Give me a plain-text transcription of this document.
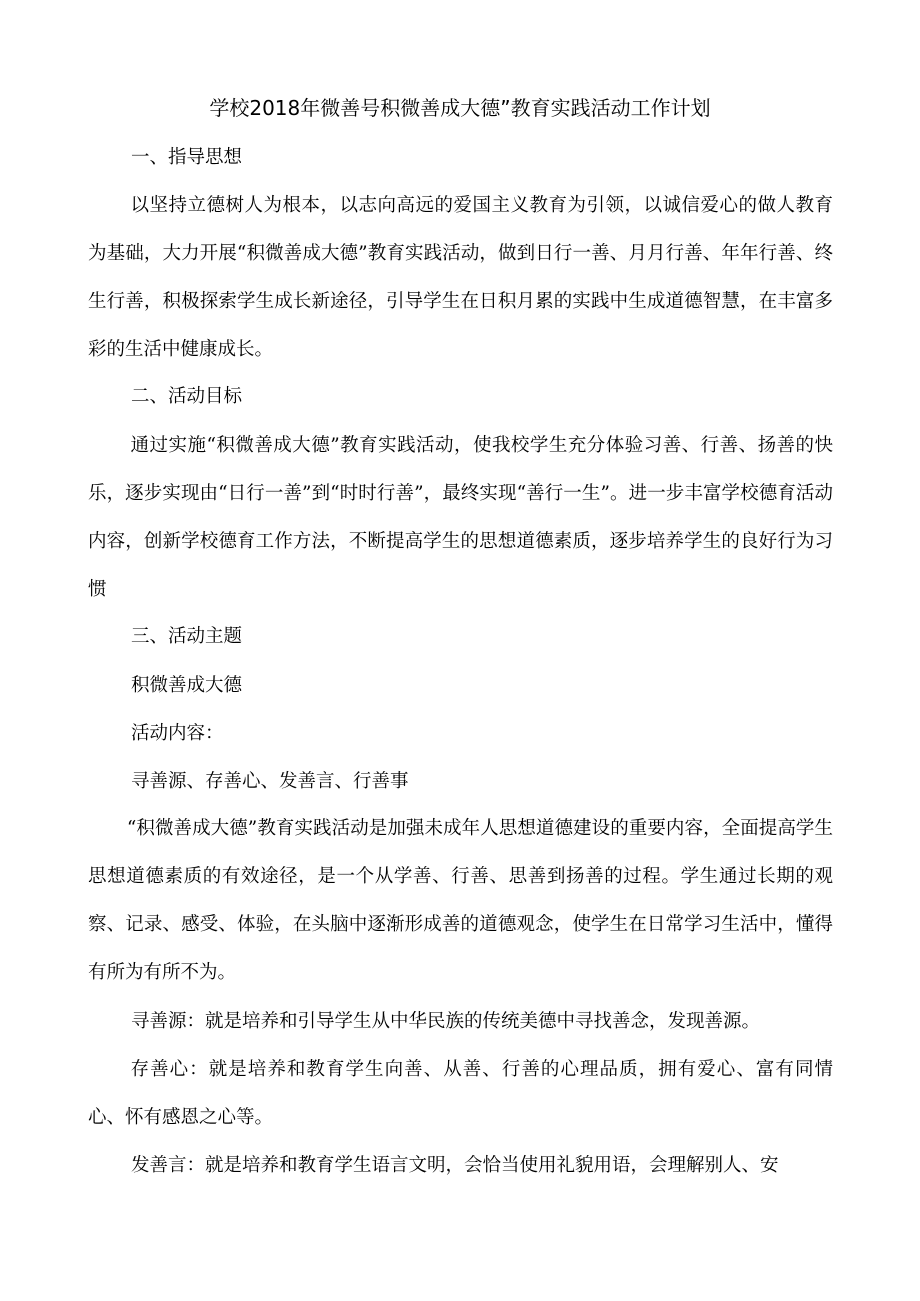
学校2018年微善号积微善成大德”教育实践活动工作计划

一、指导思想

以坚持立德树人为根本，以志向高远的爱国主义教育为引领，以诚信爱心的做人教育为基础，大力开展“积微善成大德”教育实践活动，做到日行一善、月月行善、年年行善、终生行善，积极探索学生成长新途径，引导学生在日积月累的实践中生成道德智慧，在丰富多彩的生活中健康成长。

二、活动目标

通过实施“积微善成大德”教育实践活动，使我校学生充分体验习善、行善、扬善的快乐，逐步实现由“日行一善”到“时时行善”，最终实现“善行一生”。进一步丰富学校德育活动内容，创新学校德育工作方法，不断提高学生的思想道德素质，逐步培养学生的良好行为习惯

三、活动主题

积微善成大德

活动内容：

寻善源、存善心、发善言、行善事

“积微善成大德”教育实践活动是加强未成年人思想道德建设的重要内容，全面提高学生思想道德素质的有效途径，是一个从学善、行善、思善到扬善的过程。学生通过长期的观察、记录、感受、体验，在头脑中逐渐形成善的道德观念，使学生在日常学习生活中，懂得有所为有所不为。

寻善源：就是培养和引导学生从中华民族的传统美德中寻找善念，发现善源。

存善心：就是培养和教育学生向善、从善、行善的心理品质，拥有爱心、富有同情心、怀有感恩之心等。

发善言：就是培养和教育学生语言文明，会恰当使用礼貌用语，会理解别人、安
